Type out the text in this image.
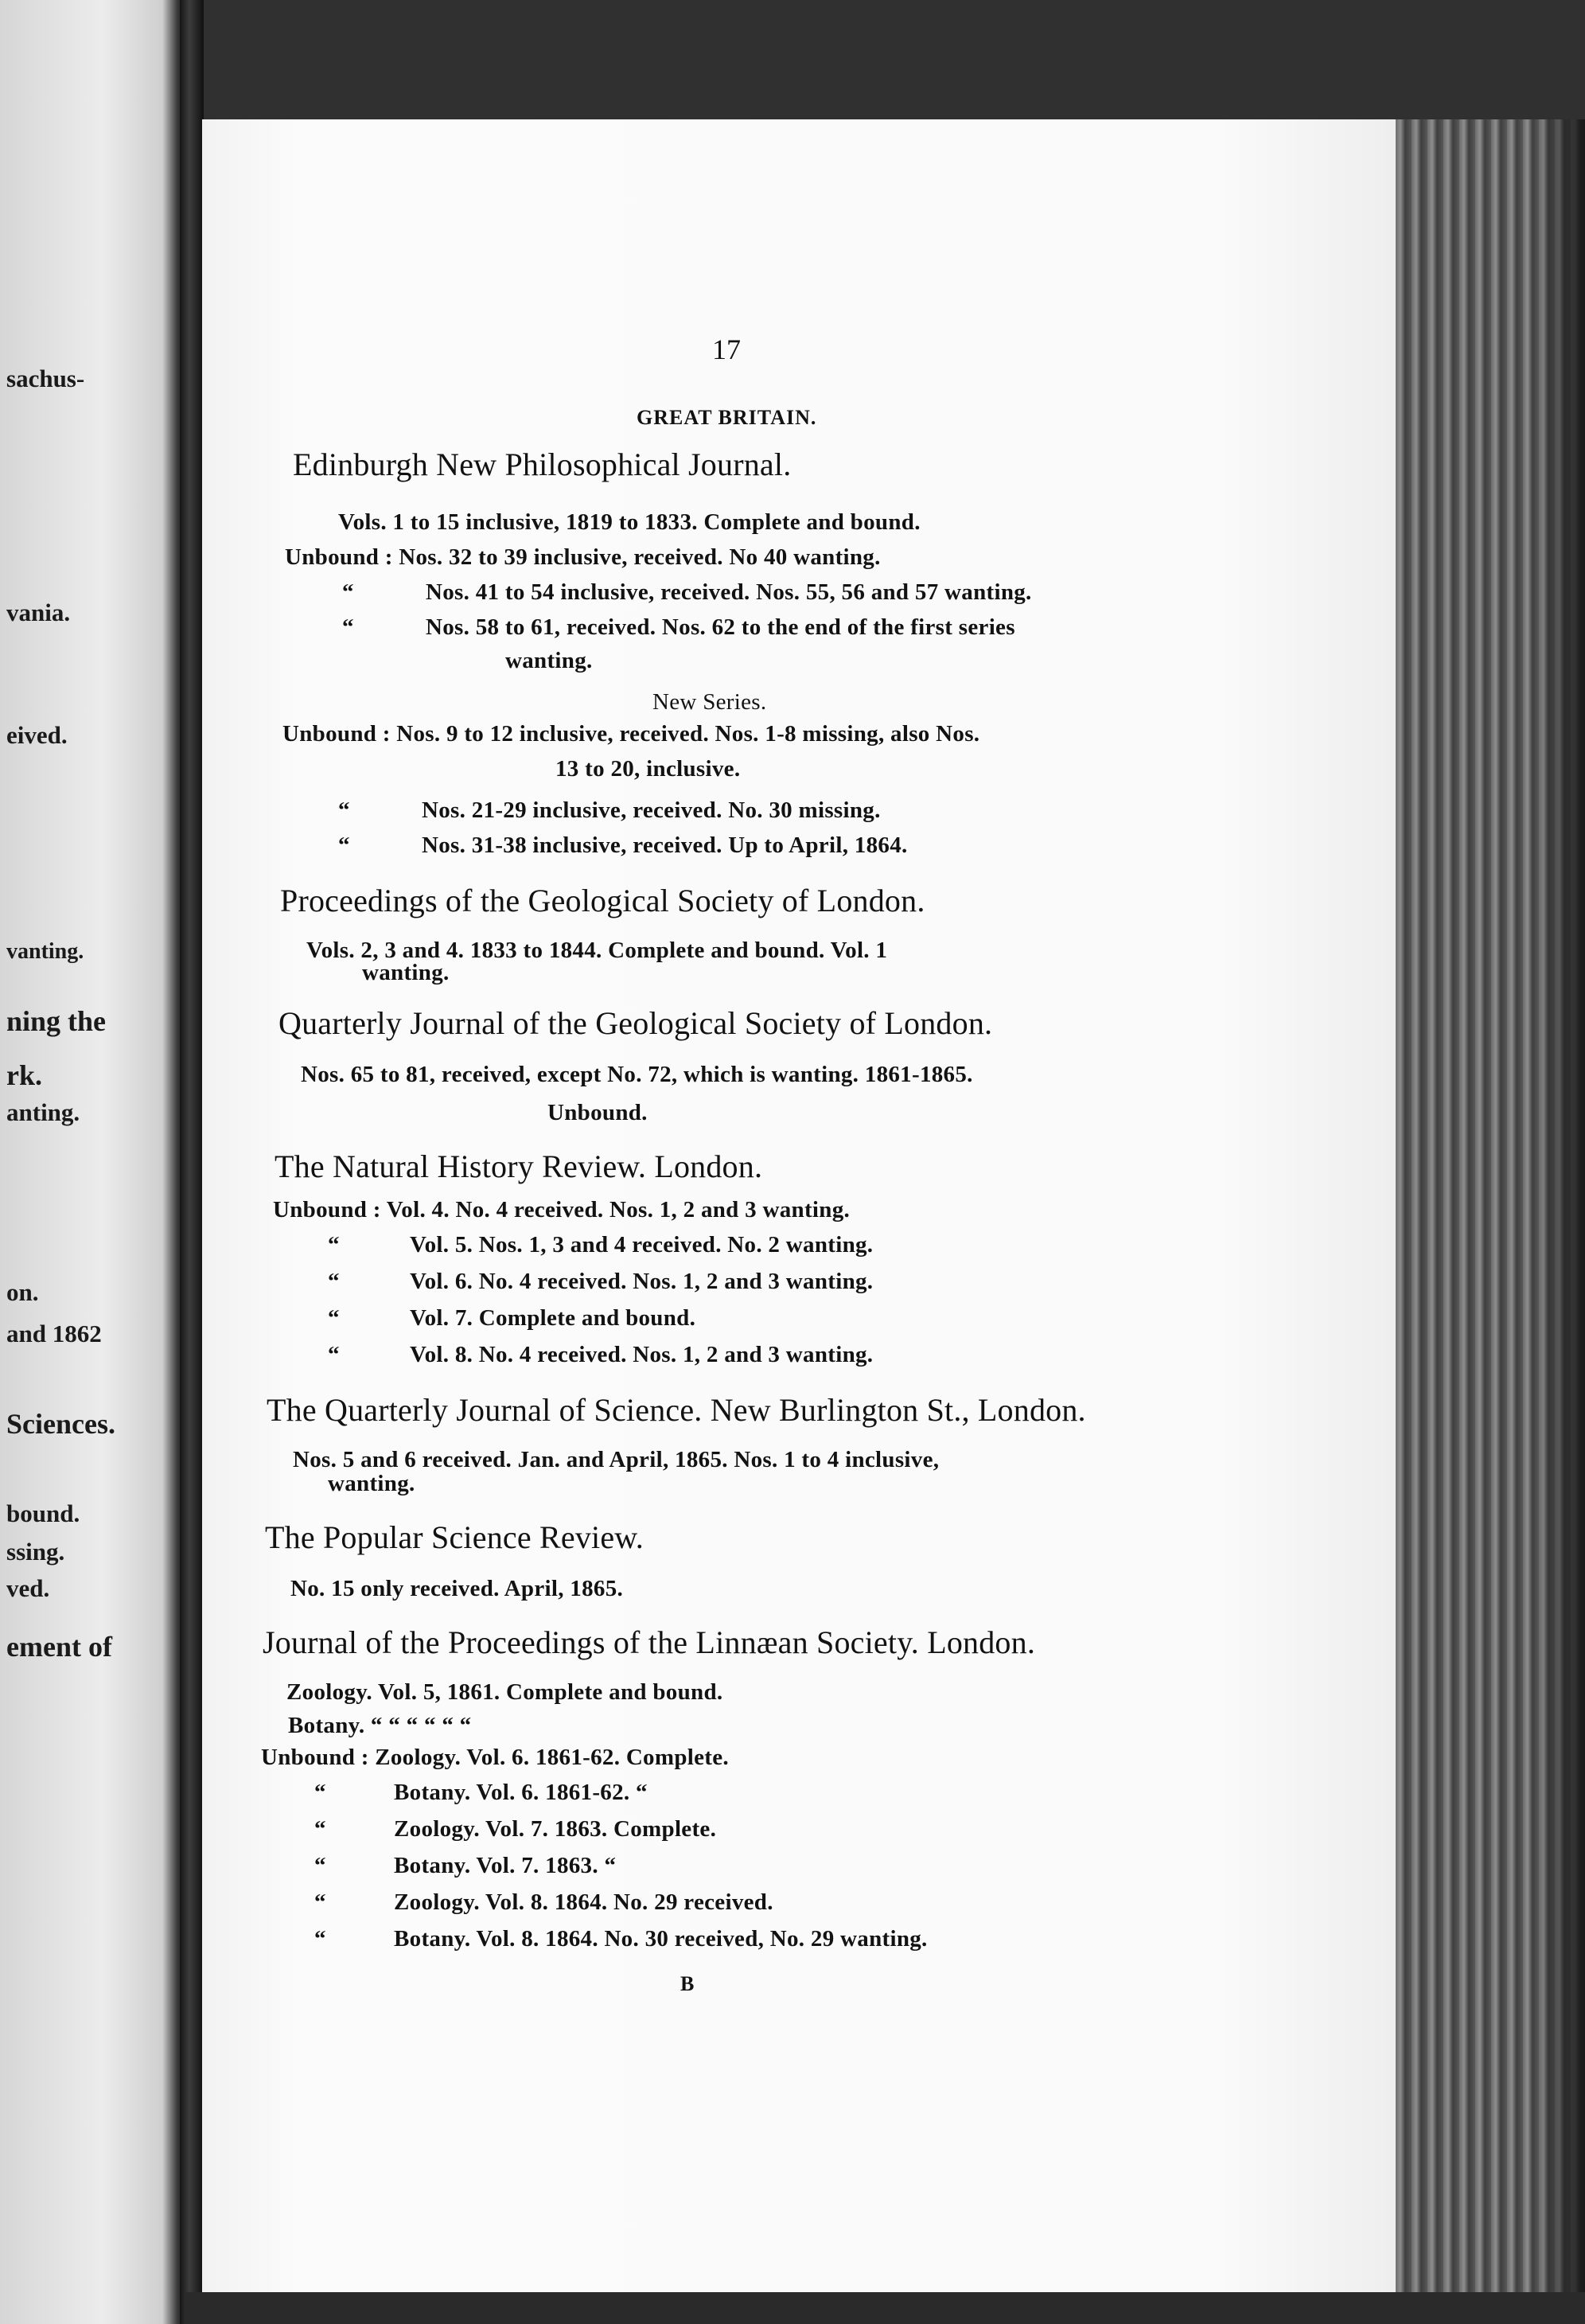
sachus-
vania.
eived.
vanting.
ning the
rk.
anting.
on.
and 1862
Sciences.
bound.
ssing.
ved.
ement of
17
GREAT BRITAIN.
Edinburgh New Philosophical Journal.
Vols. 1 to 15 inclusive, 1819 to 1833. Complete and bound.
Unbound : Nos. 32 to 39 inclusive, received. No 40 wanting.
“	Nos. 41 to 54 inclusive, received. Nos. 55, 56 and 57 wanting.
“	Nos. 58 to 61, received. Nos. 62 to the end of the first series
wanting.
New Series.
Unbound : Nos. 9 to 12 inclusive, received. Nos. 1-8 missing, also Nos.
13 to 20, inclusive.
“	Nos. 21-29 inclusive, received. No. 30 missing.
“	Nos. 31-38 inclusive, received. Up to April, 1864.
Proceedings of the Geological Society of London.
Vols. 2, 3 and 4. 1833 to 1844. Complete and bound. Vol. 1
wanting.
Quarterly Journal of the Geological Society of London.
Nos. 65 to 81, received, except No. 72, which is wanting. 1861-1865.
Unbound.
The Natural History Review. London.
Unbound : Vol. 4. No. 4 received. Nos. 1, 2 and 3 wanting.
“	Vol. 5. Nos. 1, 3 and 4 received. No. 2 wanting.
“	Vol. 6. No. 4 received. Nos. 1, 2 and 3 wanting.
“	Vol. 7. Complete and bound.
“	Vol. 8. No. 4 received. Nos. 1, 2 and 3 wanting.
The Quarterly Journal of Science. New Burlington St., London.
Nos. 5 and 6 received. Jan. and April, 1865. Nos. 1 to 4 inclusive,
wanting.
The Popular Science Review.
No. 15 only received. April, 1865.
Journal of the Proceedings of the Linnæan Society. London.
Zoology. Vol. 5, 1861. Complete and bound.
Botany. “ “ “ “ “ “
Unbound : Zoology. Vol. 6. 1861-62. Complete.
“	Botany. Vol. 6. 1861-62. “
“	Zoology. Vol. 7. 1863. Complete.
“	Botany. Vol. 7. 1863. “
“	Zoology. Vol. 8. 1864. No. 29 received.
“	Botany. Vol. 8. 1864. No. 30 received, No. 29 wanting.
B
